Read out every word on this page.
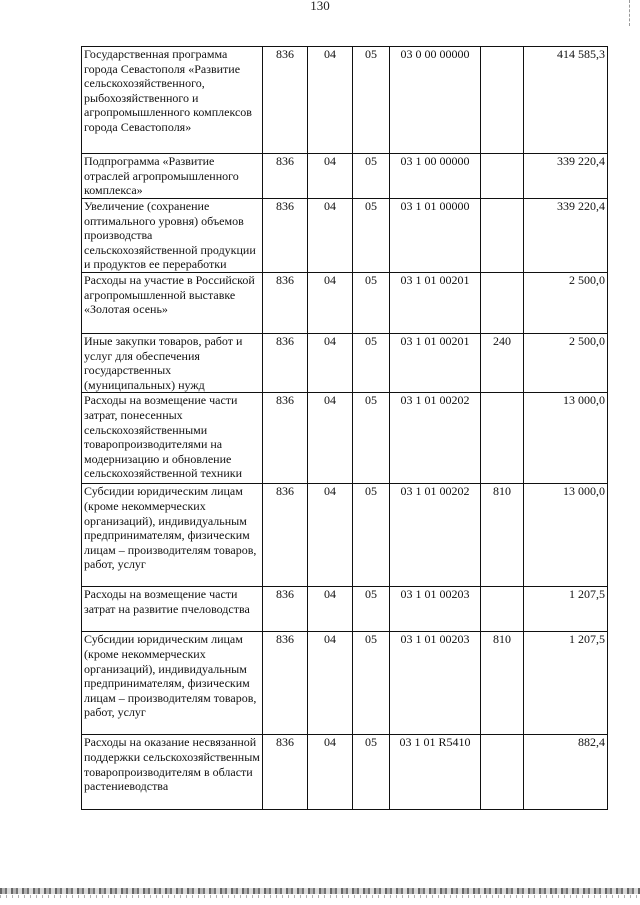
130
Государственная программа города Севастополя «Развитие сельскохозяйственного, рыбохозяйственного и агропромышленного комплексов города Севастополя»	836	04	05	03 0 00 00000		414 585,3
Подпрограмма «Развитие отраслей агропромышленного комплекса»	836	04	05	03 1 00 00000		339 220,4
Увеличение (сохранение оптимального уровня) объемов производства сельскохозяйственной продукции и продуктов ее переработки	836	04	05	03 1 01 00000		339 220,4
Расходы на участие в Российской агропромышленной выставке «Золотая осень»	836	04	05	03 1 01 00201		2 500,0
Иные закупки товаров, работ и услуг для обеспечения государственных (муниципальных) нужд	836	04	05	03 1 01 00201	240	2 500,0
Расходы на возмещение части затрат, понесенных сельскохозяйственными товаропроизводителями на модернизацию и обновление сельскохозяйственной техники	836	04	05	03 1 01 00202		13 000,0
Субсидии юридическим лицам (кроме некоммерческих организаций), индивидуальным предпринимателям, физическим лицам – производителям товаров, работ, услуг	836	04	05	03 1 01 00202	810	13 000,0
Расходы на возмещение части затрат на развитие пчеловодства	836	04	05	03 1 01 00203		1 207,5
Субсидии юридическим лицам (кроме некоммерческих организаций), индивидуальным предпринимателям, физическим лицам – производителям товаров, работ, услуг	836	04	05	03 1 01 00203	810	1 207,5
Расходы на оказание несвязанной поддержки сельскохозяйственным товаропроизводителям в области растениеводства	836	04	05	03 1 01 R5410		882,4
